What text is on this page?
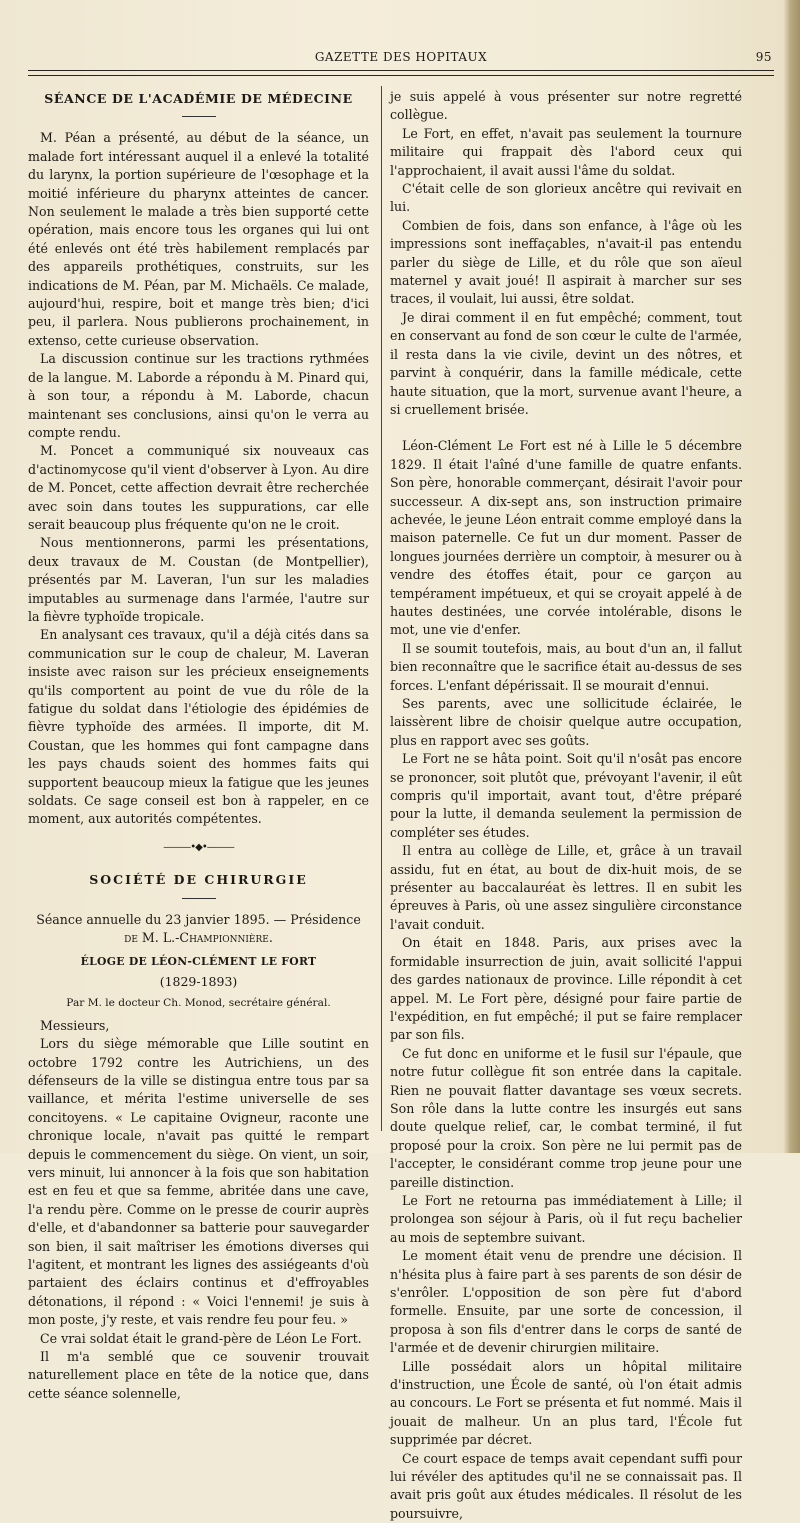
GAZETTE DES HOPITAUX	95
SÉANCE DE L'ACADÉMIE DE MÉDECINE

M. Péan a présenté, au début de la séance, un malade fort intéressant auquel il a enlevé la totalité du larynx, la portion supérieure de l'œsophage et la moitié inférieure du pharynx atteintes de cancer. Non seulement le malade a très bien supporté cette opération, mais encore tous les organes qui lui ont été enlevés ont été très habilement remplacés par des appareils prothétiques, construits, sur les indications de M. Péan, par M. Michaëls. Ce malade, aujourd'hui, respire, boit et mange très bien; d'ici peu, il parlera. Nous publierons prochainement, in extenso, cette curieuse observation.

La discussion continue sur les tractions rythmées de la langue. M. Laborde a répondu à M. Pinard qui, à son tour, a répondu à M. Laborde, chacun maintenant ses conclusions, ainsi qu'on le verra au compte rendu.

M. Poncet a communiqué six nouveaux cas d'actinomycose qu'il vient d'observer à Lyon. Au dire de M. Poncet, cette affection devrait être recherchée avec soin dans toutes les suppurations, car elle serait beaucoup plus fréquente qu'on ne le croit.

Nous mentionnerons, parmi les présentations, deux travaux de M. Coustan (de Montpellier), présentés par M. Laveran, l'un sur les maladies imputables au surmenage dans l'armée, l'autre sur la fièvre typhoïde tropicale.

En analysant ces travaux, qu'il a déjà cités dans sa communication sur le coup de chaleur, M. Laveran insiste avec raison sur les précieux enseignements qu'ils comportent au point de vue du rôle de la fatigue du soldat dans l'étiologie des épidémies de fièvre typhoïde des armées. Il importe, dit M. Coustan, que les hommes qui font campagne dans les pays chauds soient des hommes faits qui supportent beaucoup mieux la fatigue que les jeunes soldats. Ce sage conseil est bon à rappeler, en ce moment, aux autorités compétentes.

———•◆•———
SOCIÉTÉ DE CHIRURGIE

Séance annuelle du 23 janvier 1895. — Présidence

de M. L.-Championnière.

ÉLOGE DE LÉON-CLÉMENT LE FORT
(1829-1893)
Par M. le docteur Ch. Monod, secrétaire général.

Messieurs,

Lors du siège mémorable que Lille soutint en octobre 1792 contre les Autrichiens, un des défenseurs de la ville se distingua entre tous par sa vaillance, et mérita l'estime universelle de ses concitoyens. « Le capitaine Ovigneur, raconte une chronique locale, n'avait pas quitté le rempart depuis le commencement du siège. On vient, un soir, vers minuit, lui annoncer à la fois que son habitation est en feu et que sa femme, abritée dans une cave, l'a rendu père. Comme on le presse de courir auprès d'elle, et d'abandonner sa batterie pour sauvegarder son bien, il sait maîtriser les émotions diverses qui l'agitent, et montrant les lignes des assiégeants d'où partaient des éclairs continus et d'effroyables détonations, il répond : « Voici l'ennemi! je suis à mon poste, j'y reste, et vais rendre feu pour feu. »

Ce vrai soldat était le grand-père de Léon Le Fort.

Il m'a semblé que ce souvenir trouvait naturellement place en tête de la notice que, dans cette séance solennelle,

je suis appelé à vous présenter sur notre regretté collègue.

Le Fort, en effet, n'avait pas seulement la tournure militaire qui frappait dès l'abord ceux qui l'approchaient, il avait aussi l'âme du soldat.

C'était celle de son glorieux ancêtre qui revivait en lui.

Combien de fois, dans son enfance, à l'âge où les impressions sont ineffaçables, n'avait-il pas entendu parler du siège de Lille, et du rôle que son aïeul maternel y avait joué! Il aspirait à marcher sur ses traces, il voulait, lui aussi, être soldat.

Je dirai comment il en fut empêché; comment, tout en conservant au fond de son cœur le culte de l'armée, il resta dans la vie civile, devint un des nôtres, et parvint à conquérir, dans la famille médicale, cette haute situation, que la mort, survenue avant l'heure, a si cruellement brisée.

Léon-Clément Le Fort est né à Lille le 5 décembre 1829. Il était l'aîné d'une famille de quatre enfants. Son père, honorable commerçant, désirait l'avoir pour successeur. A dix-sept ans, son instruction primaire achevée, le jeune Léon entrait comme employé dans la maison paternelle. Ce fut un dur moment. Passer de longues journées derrière un comptoir, à mesurer ou à vendre des étoffes était, pour ce garçon au tempérament impétueux, et qui se croyait appelé à de hautes destinées, une corvée intolérable, disons le mot, une vie d'enfer.

Il se soumit toutefois, mais, au bout d'un an, il fallut bien reconnaître que le sacrifice était au-dessus de ses forces. L'enfant dépérissait. Il se mourait d'ennui.

Ses parents, avec une sollicitude éclairée, le laissèrent libre de choisir quelque autre occupation, plus en rapport avec ses goûts.

Le Fort ne se hâta point. Soit qu'il n'osât pas encore se prononcer, soit plutôt que, prévoyant l'avenir, il eût compris qu'il importait, avant tout, d'être préparé pour la lutte, il demanda seulement la permission de compléter ses études.

Il entra au collège de Lille, et, grâce à un travail assidu, fut en état, au bout de dix-huit mois, de se présenter au baccalauréat ès lettres. Il en subit les épreuves à Paris, où une assez singulière circonstance l'avait conduit.

On était en 1848. Paris, aux prises avec la formidable insurrection de juin, avait sollicité l'appui des gardes nationaux de province. Lille répondit à cet appel. M. Le Fort père, désigné pour faire partie de l'expédition, en fut empêché; il put se faire remplacer par son fils.

Ce fut donc en uniforme et le fusil sur l'épaule, que notre futur collègue fit son entrée dans la capitale. Rien ne pouvait flatter davantage ses vœux secrets. Son rôle dans la lutte contre les insurgés eut sans doute quelque relief, car, le combat terminé, il fut proposé pour la croix. Son père ne lui permit pas de l'accepter, le considérant comme trop jeune pour une pareille distinction.

Le Fort ne retourna pas immédiatement à Lille; il prolongea son séjour à Paris, où il fut reçu bachelier au mois de septembre suivant.

Le moment était venu de prendre une décision. Il n'hésita plus à faire part à ses parents de son désir de s'enrôler. L'opposition de son père fut d'abord formelle. Ensuite, par une sorte de concession, il proposa à son fils d'entrer dans le corps de santé de l'armée et de devenir chirurgien militaire.

Lille possédait alors un hôpital militaire d'instruction, une École de santé, où l'on était admis au concours. Le Fort se présenta et fut nommé. Mais il jouait de malheur. Un an plus tard, l'École fut supprimée par décret.

Ce court espace de temps avait cependant suffi pour lui révéler des aptitudes qu'il ne se connaissait pas. Il avait pris goût aux études médicales. Il résolut de les poursuivre,
